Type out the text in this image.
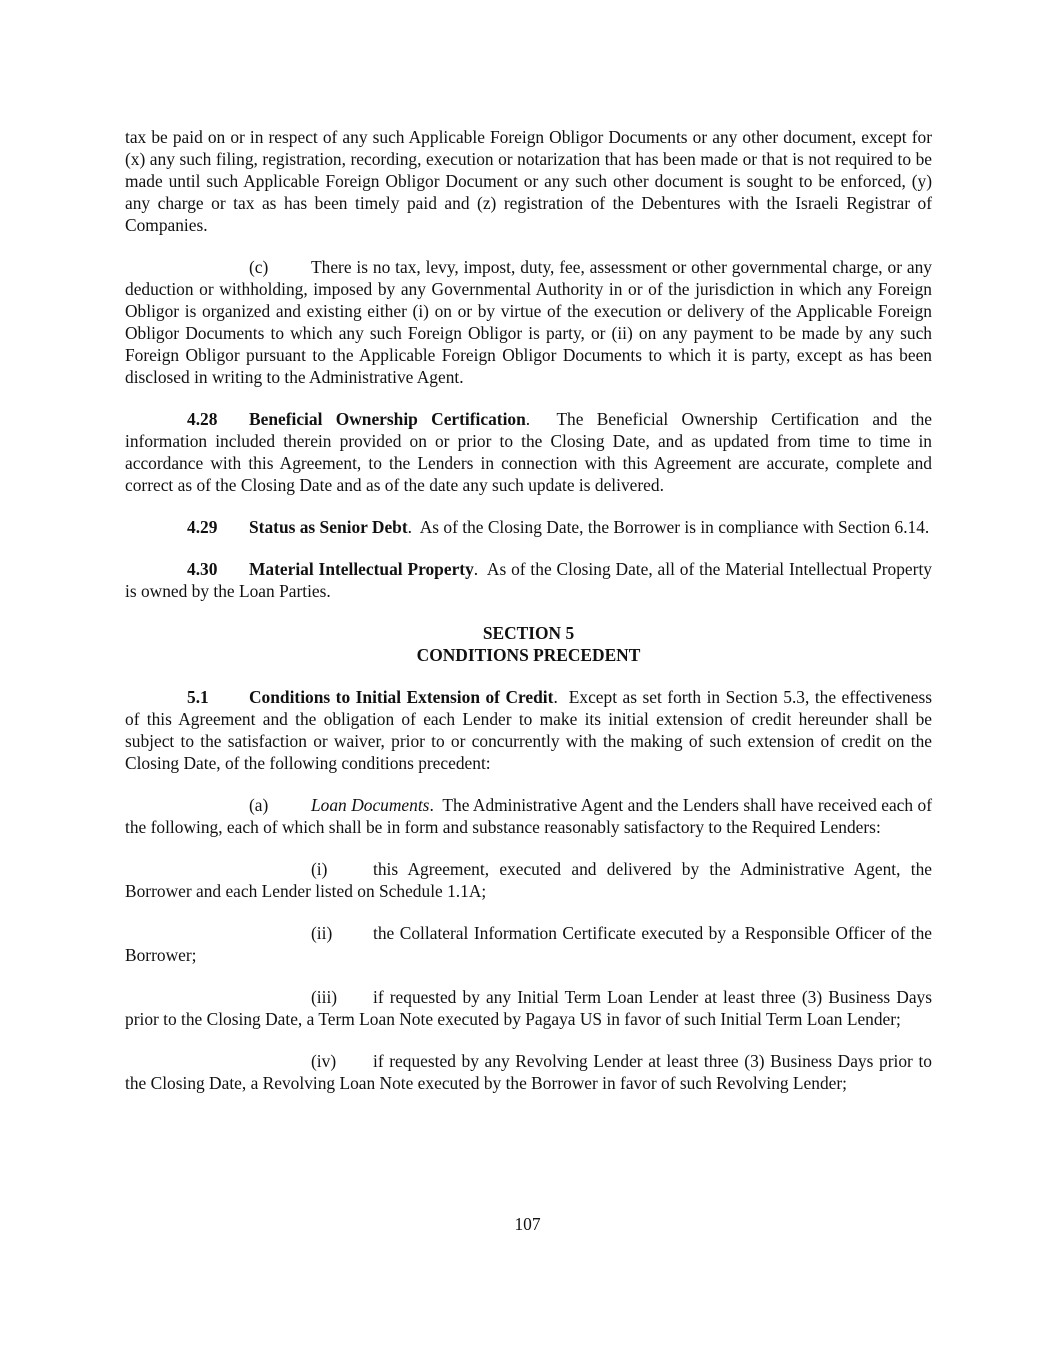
tax be paid on or in respect of any such Applicable Foreign Obligor Documents or any other document, except for (x) any such filing, registration, recording, execution or notarization that has been made or that is not required to be made until such Applicable Foreign Obligor Document or any such other document is sought to be enforced, (y) any charge or tax as has been timely paid and (z) registration of the Debentures with the Israeli Registrar of Companies.

(c) There is no tax, levy, impost, duty, fee, assessment or other governmental charge, or any deduction or withholding, imposed by any Governmental Authority in or of the jurisdiction in which any Foreign Obligor is organized and existing either (i) on or by virtue of the execution or delivery of the Applicable Foreign Obligor Documents to which any such Foreign Obligor is party, or (ii) on any payment to be made by any such Foreign Obligor pursuant to the Applicable Foreign Obligor Documents to which it is party, except as has been disclosed in writing to the Administrative Agent.

4.28 Beneficial Ownership Certification.  The Beneficial Ownership Certification and the information included therein provided on or prior to the Closing Date, and as updated from time to time in accordance with this Agreement, to the Lenders in connection with this Agreement are accurate, complete and correct as of the Closing Date and as of the date any such update is delivered.

4.29 Status as Senior Debt.  As of the Closing Date, the Borrower is in compliance with Section 6.14.

4.30 Material Intellectual Property.  As of the Closing Date, all of the Material Intellectual Property is owned by the Loan Parties.

SECTION 5
CONDITIONS PRECEDENT

5.1 Conditions to Initial Extension of Credit.  Except as set forth in Section 5.3, the effectiveness of this Agreement and the obligation of each Lender to make its initial extension of credit hereunder shall be subject to the satisfaction or waiver, prior to or concurrently with the making of such extension of credit on the Closing Date, of the following conditions precedent:

(a) Loan Documents.  The Administrative Agent and the Lenders shall have received each of the following, each of which shall be in form and substance reasonably satisfactory to the Required Lenders:

(i)	this Agreement, executed and delivered by the Administrative Agent, the Borrower and each Lender listed on Schedule 1.1A;

(ii) the Collateral Information Certificate executed by a Responsible Officer of the Borrower;

(iii) if requested by any Initial Term Loan Lender at least three (3) Business Days prior to the Closing Date, a Term Loan Note executed by Pagaya US in favor of such Initial Term Loan Lender;

(iv) if requested by any Revolving Lender at least three (3) Business Days prior to the Closing Date, a Revolving Loan Note executed by the Borrower in favor of such Revolving Lender;

107
